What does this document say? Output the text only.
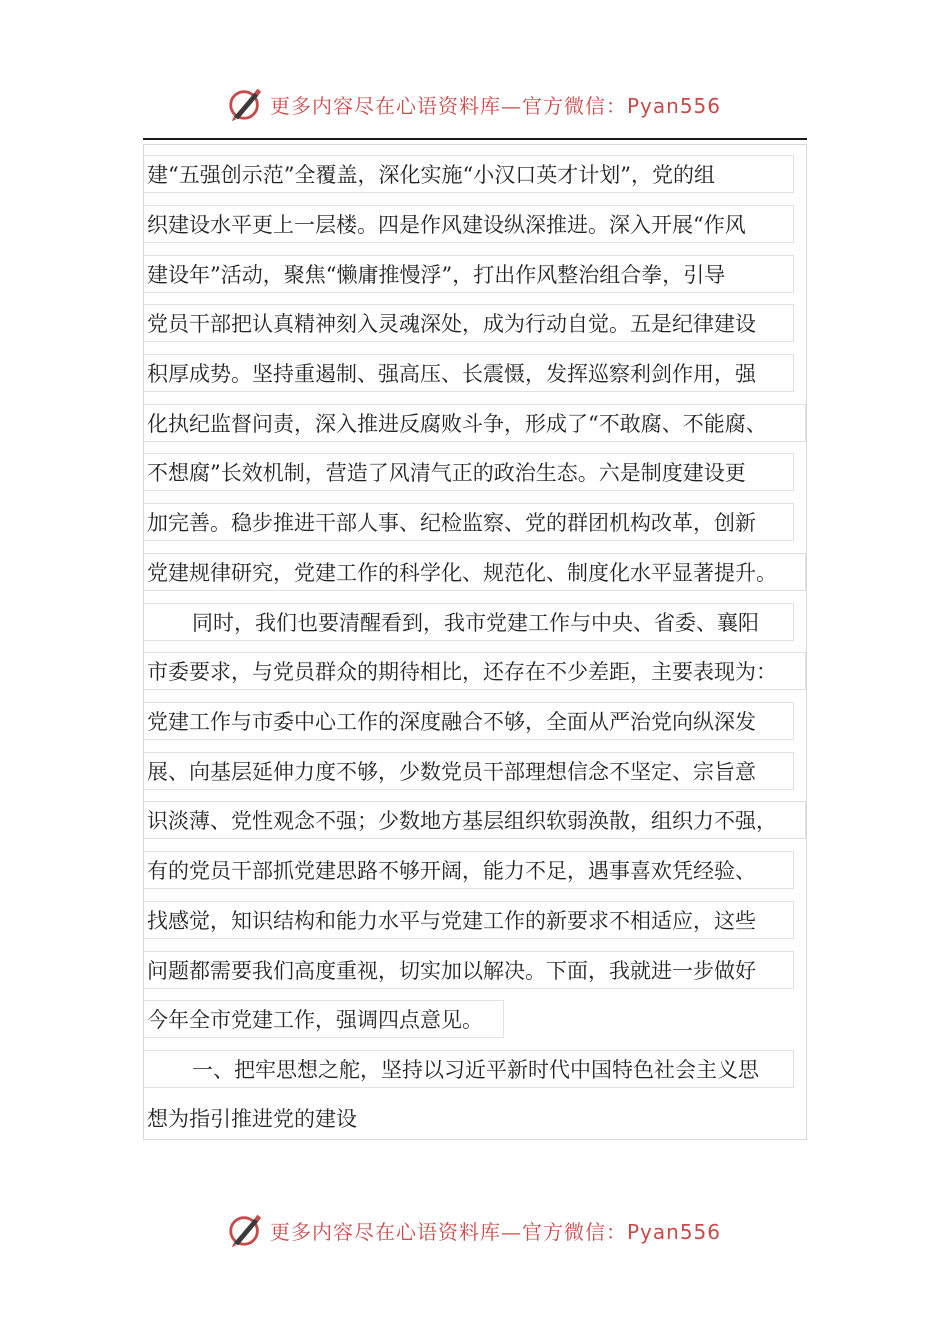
更多内容尽在心语资料库—官方微信：Pyan556
建“五强创示范”全覆盖，深化实施“小汉口英才计划”，党的组
织建设水平更上一层楼。四是作风建设纵深推进。深入开展“作风
建设年”活动，聚焦“懒庸推慢浮”，打出作风整治组合拳，引导
党员干部把认真精神刻入灵魂深处，成为行动自觉。五是纪律建设
积厚成势。坚持重遏制、强高压、长震慑，发挥巡察利剑作用，强
化执纪监督问责，深入推进反腐败斗争，形成了“不敢腐、不能腐、
不想腐”长效机制，营造了风清气正的政治生态。六是制度建设更
加完善。稳步推进干部人事、纪检监察、党的群团机构改革，创新
党建规律研究，党建工作的科学化、规范化、制度化水平显著提升。
同时，我们也要清醒看到，我市党建工作与中央、省委、襄阳
市委要求，与党员群众的期待相比，还存在不少差距，主要表现为：
党建工作与市委中心工作的深度融合不够，全面从严治党向纵深发
展、向基层延伸力度不够，少数党员干部理想信念不坚定、宗旨意
识淡薄、党性观念不强；少数地方基层组织软弱涣散，组织力不强，
有的党员干部抓党建思路不够开阔，能力不足，遇事喜欢凭经验、
找感觉，知识结构和能力水平与党建工作的新要求不相适应，这些
问题都需要我们高度重视，切实加以解决。下面，我就进一步做好
今年全市党建工作，强调四点意见。
一、把牢思想之舵，坚持以习近平新时代中国特色社会主义思
想为指引推进党的建设
更多内容尽在心语资料库—官方微信：Pyan556
